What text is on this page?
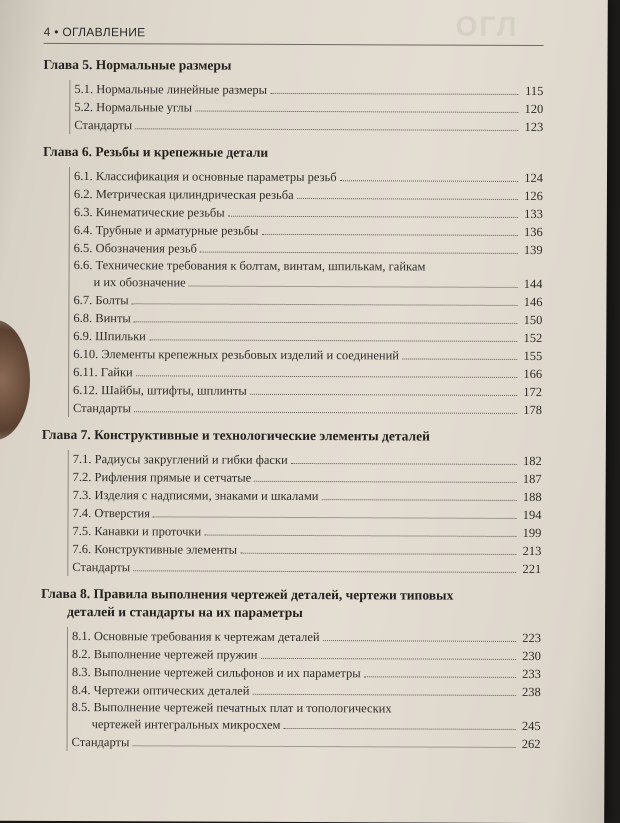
ОГЛ
4 • ОГЛАВЛЕНИЕ
Глава 5. Нормальные размеры
5.1. Нормальные линейные размеры	115
5.2. Нормальные углы	120
Стандарты	123
Глава 6. Резьбы и крепежные детали
6.1. Классификация и основные параметры резьб	124
6.2. Метрическая цилиндрическая резьба	126
6.3. Кинематические резьбы	133
6.4. Трубные и арматурные резьбы	136
6.5. Обозначения резьб	139
6.6. Технические требования к болтам, винтам, шпилькам, гайкам
и их обозначение	144
6.7. Болты	146
6.8. Винты	150
6.9. Шпильки	152
6.10. Элементы крепежных резьбовых изделий и соединений	155
6.11. Гайки	166
6.12. Шайбы, штифты, шплинты	172
Стандарты	178
Глава 7. Конструктивные и технологические элементы деталей
7.1. Радиусы закруглений и гибки фаски	182
7.2. Рифления прямые и сетчатые	187
7.3. Изделия с надписями, знаками и шкалами	188
7.4. Отверстия	194
7.5. Канавки и проточки	199
7.6. Конструктивные элементы	213
Стандарты	221
Глава 8. Правила выполнения чертежей деталей, чертежи типовых
деталей и стандарты на их параметры
8.1. Основные требования к чертежам деталей	223
8.2. Выполнение чертежей пружин	230
8.3. Выполнение чертежей сильфонов и их параметры	233
8.4. Чертежи оптических деталей	238
8.5. Выполнение чертежей печатных плат и топологических
чертежей интегральных микросхем	245
Стандарты	262
